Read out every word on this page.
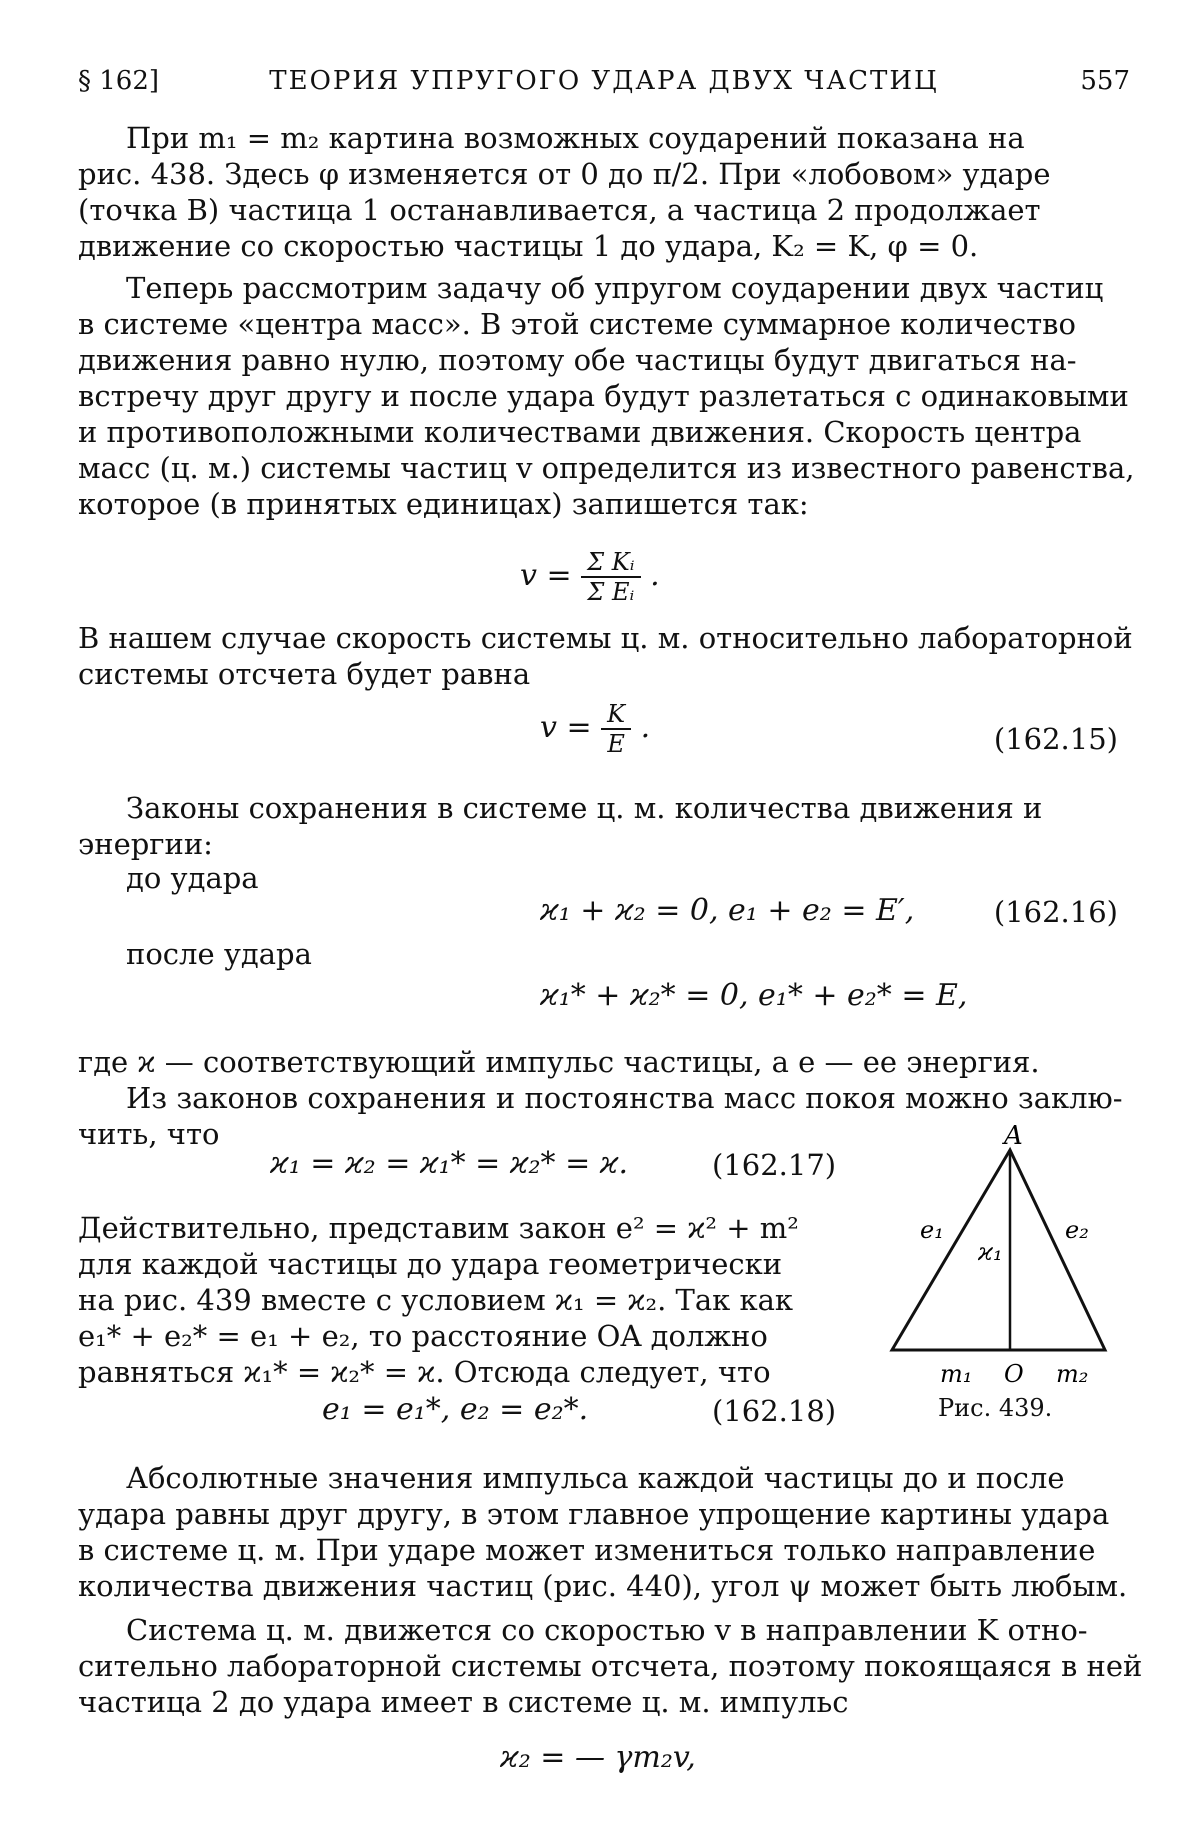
§ 162]	ТЕОРИЯ УПРУГОГО УДАРА ДВУХ ЧАСТИЦ	557
При m₁ = m₂ картина возможных соударений показана на
рис. 438. Здесь φ изменяется от 0 до π/2. При «лобовом» ударе
(точка B) частица 1 останавливается, а частица 2 продолжает
движение со скоростью частицы 1 до удара, K₂ = K, φ = 0.
Теперь рассмотрим задачу об упругом соударении двух частиц
в системе «центра масс». В этой системе суммарное количество
движения равно нулю, поэтому обе частицы будут двигаться на-
встречу друг другу и после удара будут разлетаться с одинаковыми
и противоположными количествами движения. Скорость центра
масс (ц. м.) системы частиц v определится из известного равенства,
которое (в принятых единицах) запишется так:
$v = \frac{\text{Σ Kᵢ}}{\text{Σ Eᵢ}}$ .
В нашем случае скорость системы ц. м. относительно лабораторной
системы отсчета будет равна
$v = \frac{K}{E}$ .	(162.15)
Законы сохранения в системе ц. м. количества движения и
энергии:
до удара
ϰ₁ + ϰ₂ = 0, e₁ + e₂ = E′,	(162.16)
после удара
ϰ₁* + ϰ₂* = 0, e₁* + e₂* = E,
где ϰ — соответствующий импульс частицы, а e — ее энергия.
Из законов сохранения и постоянства масс покоя можно заклю-
чить, что
ϰ₁ = ϰ₂ = ϰ₁* = ϰ₂* = ϰ.	(162.17)
Действительно, представим закон e² = ϰ² + m²
для каждой частицы до удара геометрически
на рис. 439 вместе с условием ϰ₁ = ϰ₂. Так как
e₁* + e₂* = e₁ + e₂, то расстояние OA должно
равняться ϰ₁* = ϰ₂* = ϰ. Отсюда следует, что
e₁ = e₁*, e₂ = e₂*.	(162.18)
A
e₁	e₂
ϰ₁
m₁ O m₂
Рис. 439.
Абсолютные значения импульса каждой частицы до и после
удара равны друг другу, в этом главное упрощение картины удара
в системе ц. м. При ударе может измениться только направление
количества движения частиц (рис. 440), угол ψ может быть любым.
Система ц. м. движется со скоростью v в направлении K отно-
сительно лабораторной системы отсчета, поэтому покоящаяся в ней
частица 2 до удара имеет в системе ц. м. импульс
ϰ₂ = — γm₂v,
